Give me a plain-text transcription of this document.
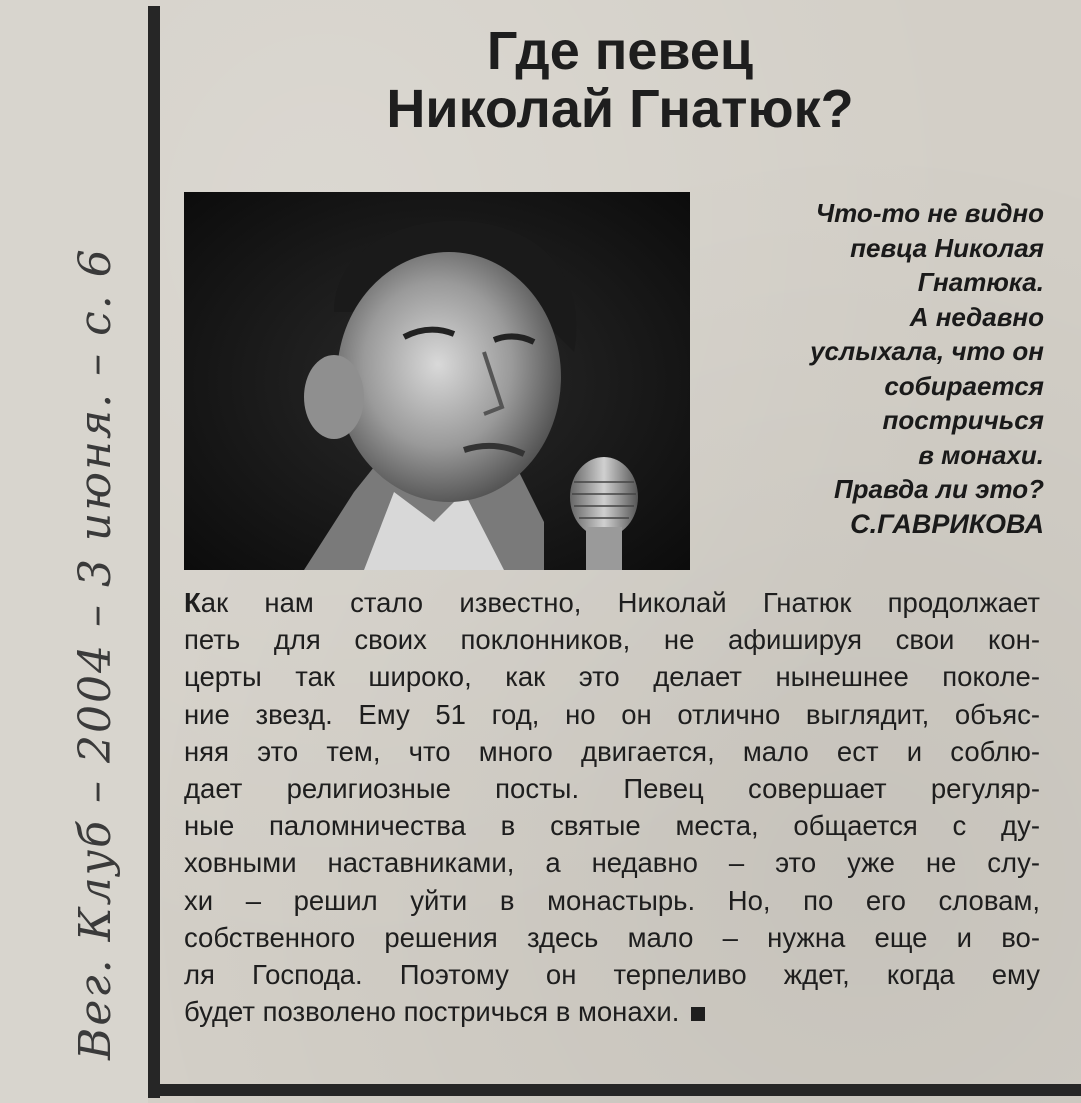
Вег. Клуб – 2004 – 3 июня. – с. 6
Где певец
Николай Гнатюк?
Что-то не видно
певца Николая
Гнатюка.
А недавно
услыхала, что он
собирается
постричься
в монахи.
Правда ли это?
С.ГАВРИКОВА
Как нам стало известно, Николай Гнатюк продолжает
петь для своих поклонников, не афишируя свои кон-
церты так широко, как это делает нынешнее поколе-
ние звезд. Ему 51 год, но он отлично выглядит, объяс-
няя это тем, что много двигается, мало ест и соблю-
дает религиозные посты. Певец совершает регуляр-
ные паломничества в святые места, общается с ду-
ховными наставниками, а недавно – это уже не слу-
хи – решил уйти в монастырь. Но, по его словам,
собственного решения здесь мало – нужна еще и во-
ля Господа. Поэтому он терпеливо ждет, когда ему
будет позволено постричься в монахи.
